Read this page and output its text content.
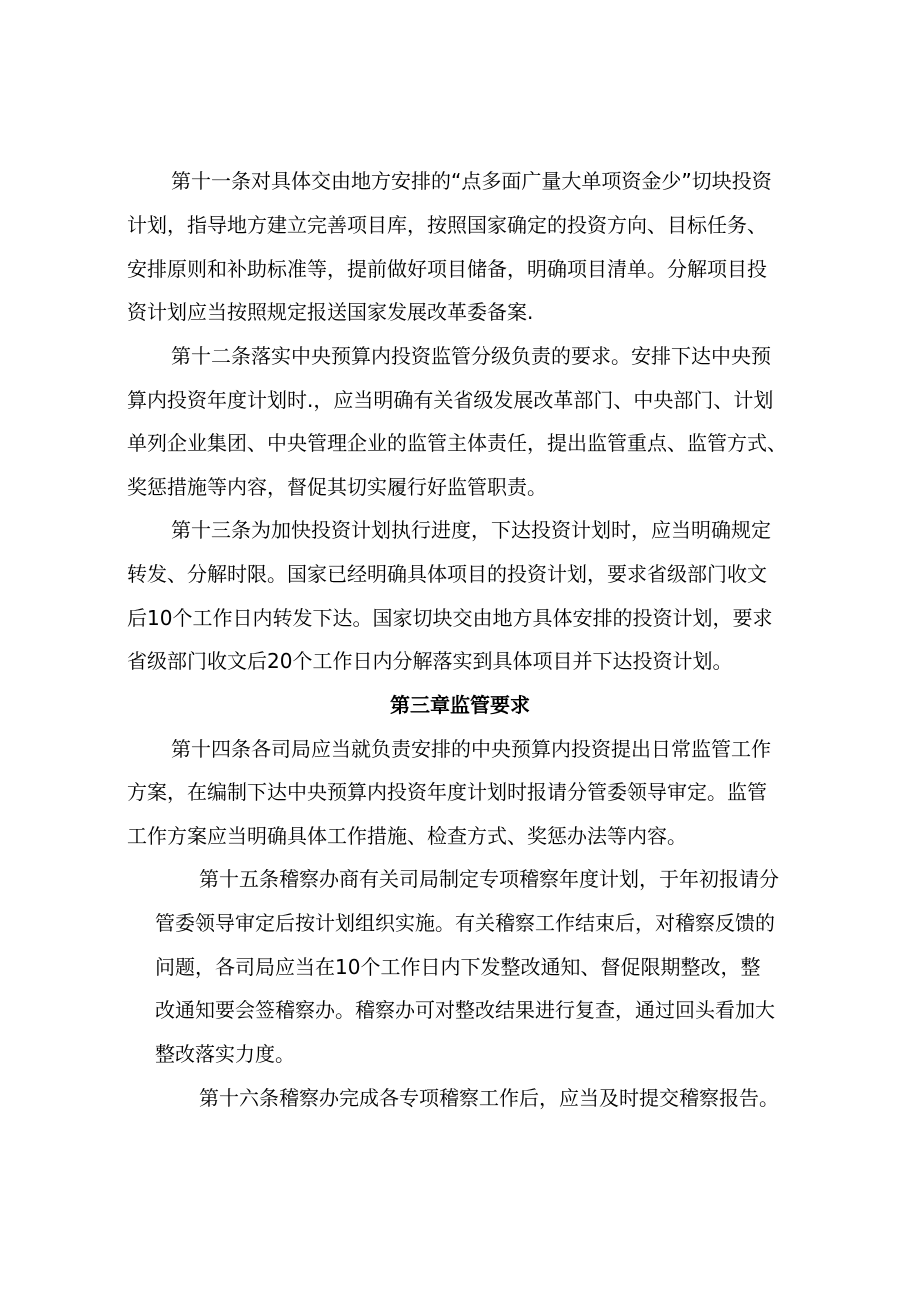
第十一条对具体交由地方安排的“点多面广量大单项资金少”切块投资
计划，指导地方建立完善项目库，按照国家确定的投资方向、目标任务、
安排原则和补助标准等，提前做好项目储备，明确项目清单。分解项目投
资计划应当按照规定报送国家发展改革委备案.
第十二条落实中央预算内投资监管分级负责的要求。安排下达中央预
算内投资年度计划时.，应当明确有关省级发展改革部门、中央部门、计划
单列企业集团、中央管理企业的监管主体责任，提出监管重点、监管方式、
奖惩措施等内容，督促其切实履行好监管职责。
第十三条为加快投资计划执行进度，下达投资计划时，应当明确规定
转发、分解时限。国家已经明确具体项目的投资计划，要求省级部门收文
后10个工作日内转发下达。国家切块交由地方具体安排的投资计划，要求
省级部门收文后20个工作日内分解落实到具体项目并下达投资计划。
第三章监管要求
第十四条各司局应当就负责安排的中央预算内投资提出日常监管工作
方案，在编制下达中央预算内投资年度计划时报请分管委领导审定。监管
工作方案应当明确具体工作措施、检查方式、奖惩办法等内容。
第十五条稽察办商有关司局制定专项稽察年度计划，于年初报请分
管委领导审定后按计划组织实施。有关稽察工作结束后，对稽察反馈的
问题，各司局应当在10个工作日内下发整改通知、督促限期整改，整
改通知要会签稽察办。稽察办可对整改结果进行复查，通过回头看加大
整改落实力度。
第十六条稽察办完成各专项稽察工作后，应当及时提交稽察报告。
